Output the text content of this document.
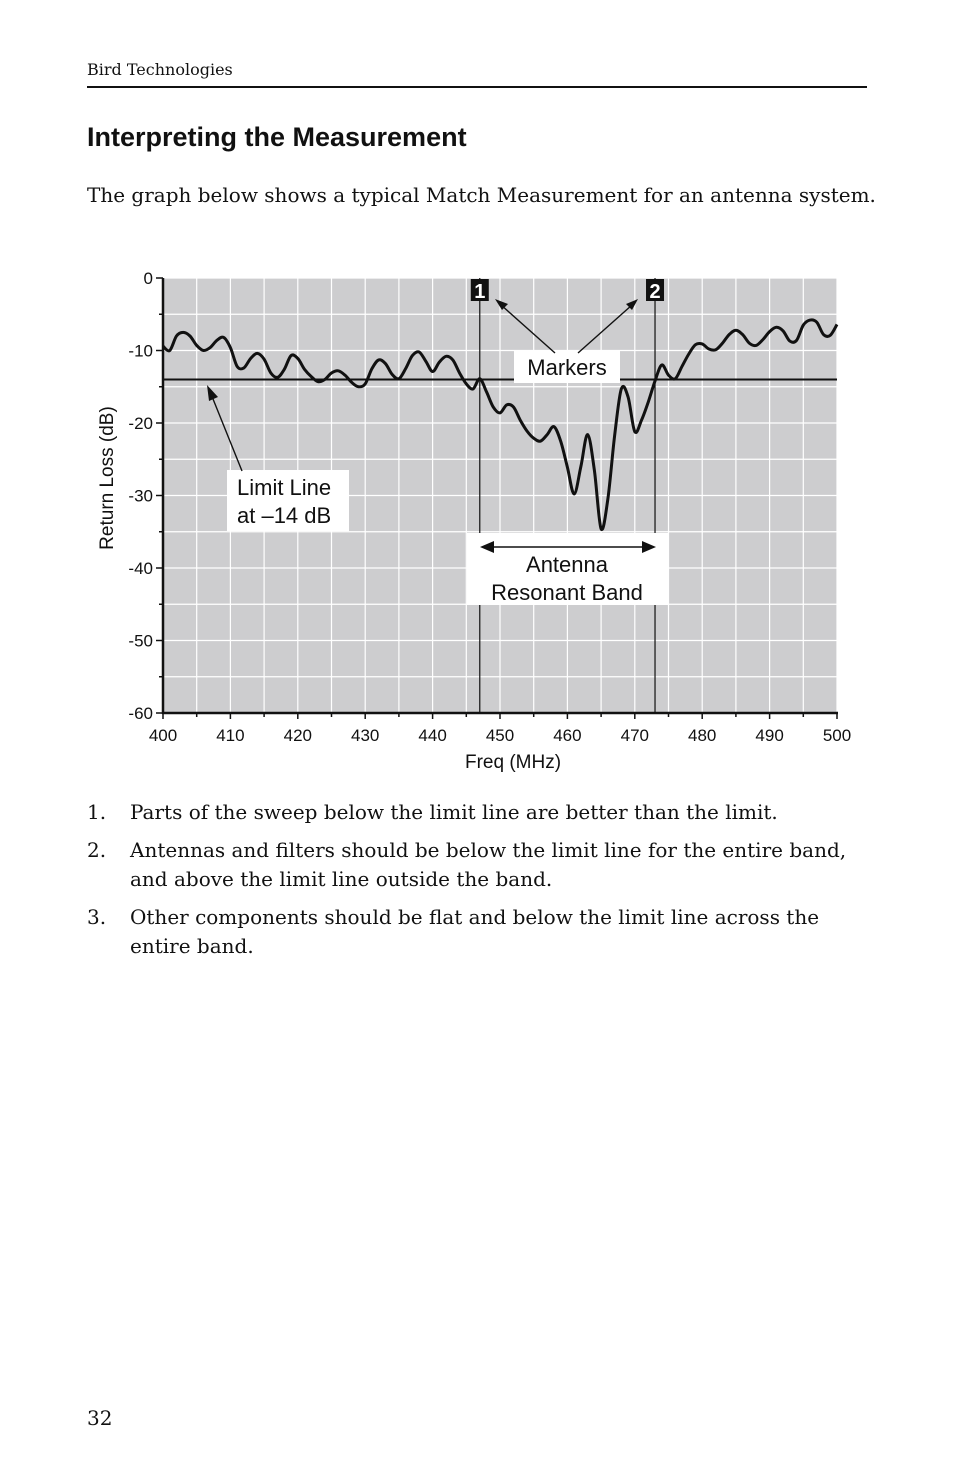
Bird Technologies
Interpreting the Measurement

The graph below shows a typical Match Measurement for an antenna system.

400 410 420 430 440 450 460 470 480 490 500
0
-10
-20
-30
-40
-50
-60
1	2
Markers
Limit Line
at –14 dB
Antenna
Resonant Band
Freq (MHz)
Return Loss (dB)
1.	Parts of the sweep below the limit line are better than the limit.
2.	Antennas and filters should be below the limit line for the entire band, and above the limit line outside the band.
3.	Other components should be flat and below the limit line across the entire band.
32
